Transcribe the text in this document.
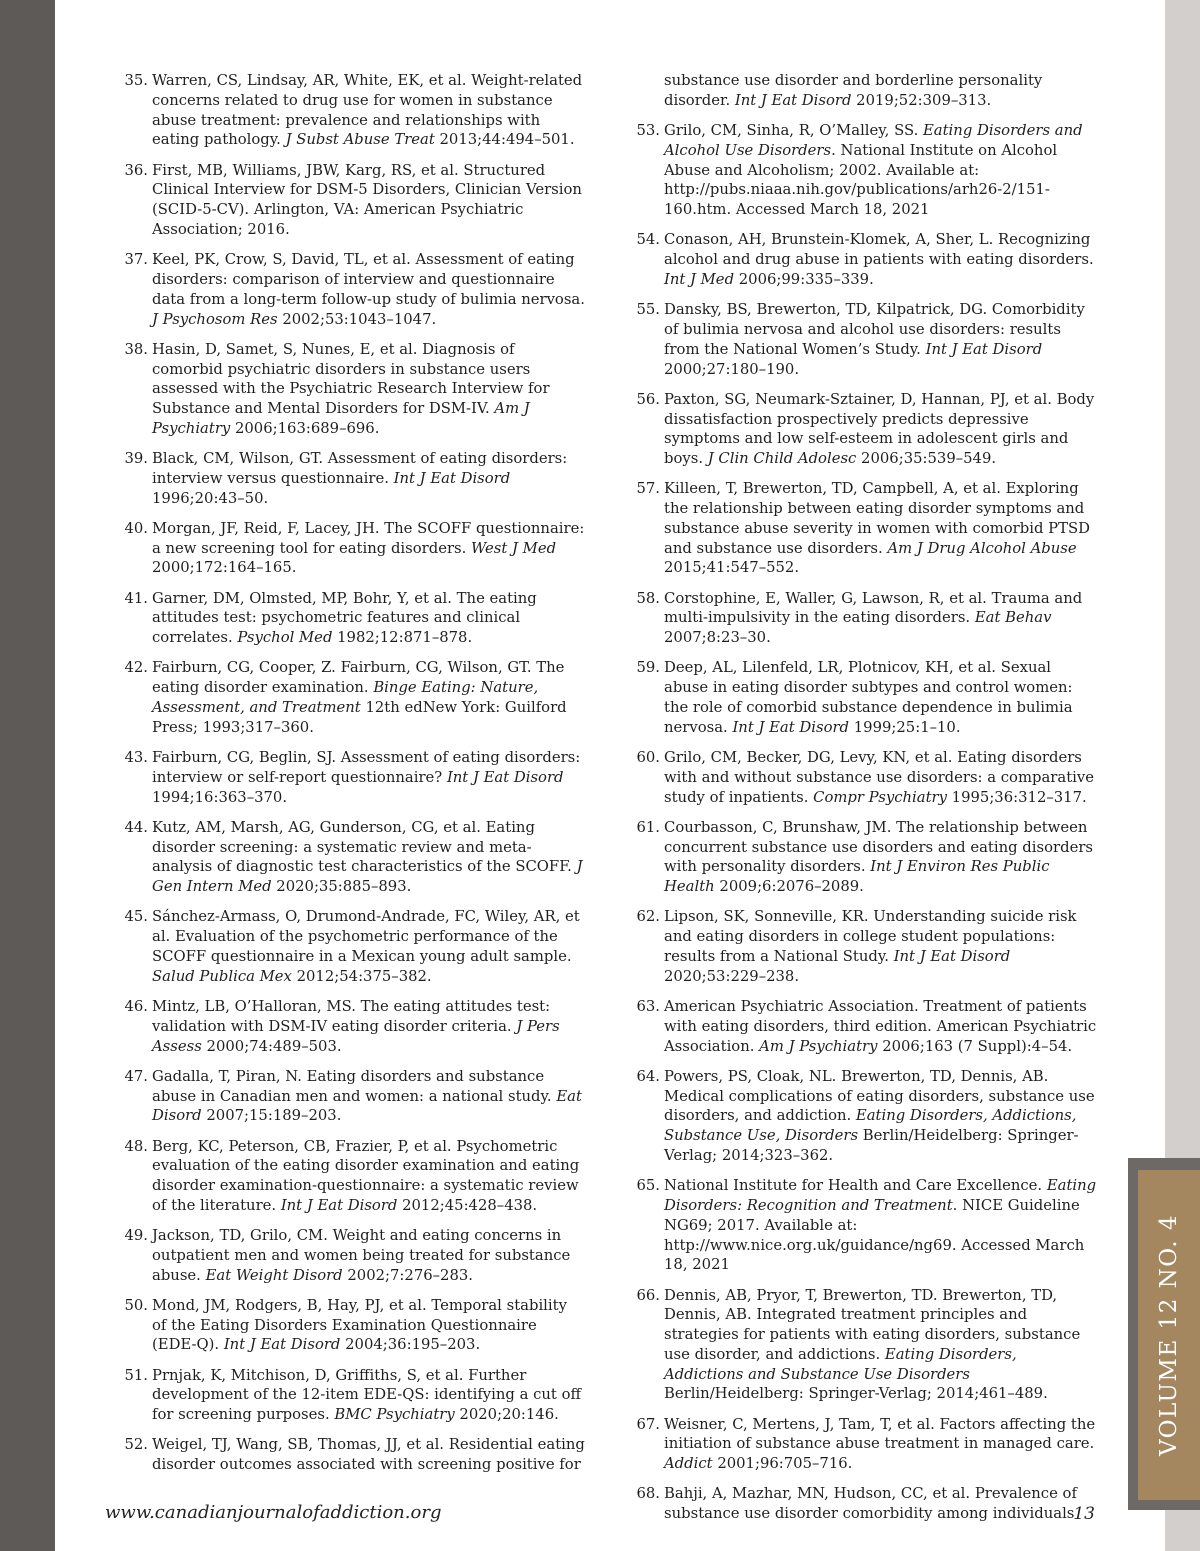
VOLUME 12 NO. 4
35. Warren, CS, Lindsay, AR, White, EK, et al. Weight-related concerns related to drug use for women in substance abuse treatment: prevalence and relationships with eating pathology. J Subst Abuse Treat 2013;44:494–501.
36. First, MB, Williams, JBW, Karg, RS, et al. Structured Clinical Interview for DSM-5 Disorders, Clinician Version (SCID-5-CV). Arlington, VA: American Psychiatric Association; 2016.
37. Keel, PK, Crow, S, David, TL, et al. Assessment of eating disorders: comparison of interview and questionnaire data from a long-term follow-up study of bulimia nervosa. J Psychosom Res 2002;53:1043–1047.
38. Hasin, D, Samet, S, Nunes, E, et al. Diagnosis of comorbid psychiatric disorders in substance users assessed with the Psychiatric Research Interview for Substance and Mental Disorders for DSM-IV. Am J Psychiatry 2006;163:689–696.
39. Black, CM, Wilson, GT. Assessment of eating disorders: interview versus questionnaire. Int J Eat Disord 1996;20:43–50.
40. Morgan, JF, Reid, F, Lacey, JH. The SCOFF questionnaire: a new screening tool for eating disorders. West J Med 2000;172:164–165.
41. Garner, DM, Olmsted, MP, Bohr, Y, et al. The eating attitudes test: psychometric features and clinical correlates. Psychol Med 1982;12:871–878.
42. Fairburn, CG, Cooper, Z. Fairburn, CG, Wilson, GT. The eating disorder examination. Binge Eating: Nature, Assessment, and Treatment 12th edNew York: Guilford Press; 1993;317–360.
43. Fairburn, CG, Beglin, SJ. Assessment of eating disorders: interview or self-report questionnaire? Int J Eat Disord 1994;16:363–370.
44. Kutz, AM, Marsh, AG, Gunderson, CG, et al. Eating disorder screening: a systematic review and meta-analysis of diagnostic test characteristics of the SCOFF. J Gen Intern Med 2020;35:885–893.
45. Sánchez-Armass, O, Drumond-Andrade, FC, Wiley, AR, et al. Evaluation of the psychometric performance of the SCOFF questionnaire in a Mexican young adult sample. Salud Publica Mex 2012;54:375–382.
46. Mintz, LB, O’Halloran, MS. The eating attitudes test: validation with DSM-IV eating disorder criteria. J Pers Assess 2000;74:489–503.
47. Gadalla, T, Piran, N. Eating disorders and substance abuse in Canadian men and women: a national study. Eat Disord 2007;15:189–203.
48. Berg, KC, Peterson, CB, Frazier, P, et al. Psychometric evaluation of the eating disorder examination and eating disorder examination-questionnaire: a systematic review of the literature. Int J Eat Disord 2012;45:428–438.
49. Jackson, TD, Grilo, CM. Weight and eating concerns in outpatient men and women being treated for substance abuse. Eat Weight Disord 2002;7:276–283.
50. Mond, JM, Rodgers, B, Hay, PJ, et al. Temporal stability of the Eating Disorders Examination Questionnaire (EDE-Q). Int J Eat Disord 2004;36:195–203.
51. Prnjak, K, Mitchison, D, Griffiths, S, et al. Further development of the 12-item EDE-QS: identifying a cut off for screening purposes. BMC Psychiatry 2020;20:146.
52. Weigel, TJ, Wang, SB, Thomas, JJ, et al. Residential eating disorder outcomes associated with screening positive for
substance use disorder and borderline personality disorder. Int J Eat Disord 2019;52:309–313.
53. Grilo, CM, Sinha, R, O’Malley, SS. Eating Disorders and Alcohol Use Disorders. National Institute on Alcohol Abuse and Alcoholism; 2002. Available at: http://pubs.niaaa.nih.gov/publications/arh26-2/151-160.htm. Accessed March 18, 2021
54. Conason, AH, Brunstein-Klomek, A, Sher, L. Recognizing alcohol and drug abuse in patients with eating disorders. Int J Med 2006;99:335–339.
55. Dansky, BS, Brewerton, TD, Kilpatrick, DG. Comorbidity of bulimia nervosa and alcohol use disorders: results from the National Women’s Study. Int J Eat Disord 2000;27:180–190.
56. Paxton, SG, Neumark-Sztainer, D, Hannan, PJ, et al. Body dissatisfaction prospectively predicts depressive symptoms and low self-esteem in adolescent girls and boys. J Clin Child Adolesc 2006;35:539–549.
57. Killeen, T, Brewerton, TD, Campbell, A, et al. Exploring the relationship between eating disorder symptoms and substance abuse severity in women with comorbid PTSD and substance use disorders. Am J Drug Alcohol Abuse 2015;41:547–552.
58. Corstophine, E, Waller, G, Lawson, R, et al. Trauma and multi-impulsivity in the eating disorders. Eat Behav 2007;8:23–30.
59. Deep, AL, Lilenfeld, LR, Plotnicov, KH, et al. Sexual abuse in eating disorder subtypes and control women: the role of comorbid substance dependence in bulimia nervosa. Int J Eat Disord 1999;25:1–10.
60. Grilo, CM, Becker, DG, Levy, KN, et al. Eating disorders with and without substance use disorders: a comparative study of inpatients. Compr Psychiatry 1995;36:312–317.
61. Courbasson, C, Brunshaw, JM. The relationship between concurrent substance use disorders and eating disorders with personality disorders. Int J Environ Res Public Health 2009;6:2076–2089.
62. Lipson, SK, Sonneville, KR. Understanding suicide risk and eating disorders in college student populations: results from a National Study. Int J Eat Disord 2020;53:229–238.
63. American Psychiatric Association. Treatment of patients with eating disorders, third edition. American Psychiatric Association. Am J Psychiatry 2006;163 (7 Suppl):4–54.
64. Powers, PS, Cloak, NL. Brewerton, TD, Dennis, AB. Medical complications of eating disorders, substance use disorders, and addiction. Eating Disorders, Addictions, Substance Use, Disorders Berlin/Heidelberg: Springer-Verlag; 2014;323–362.
65. National Institute for Health and Care Excellence. Eating Disorders: Recognition and Treatment. NICE Guideline NG69; 2017. Available at: http://www.nice.org.uk/guidance/ng69. Accessed March 18, 2021
66. Dennis, AB, Pryor, T, Brewerton, TD. Brewerton, TD, Dennis, AB. Integrated treatment principles and strategies for patients with eating disorders, substance use disorder, and addictions. Eating Disorders, Addictions and Substance Use Disorders Berlin/Heidelberg: Springer-Verlag; 2014;461–489.
67. Weisner, C, Mertens, J, Tam, T, et al. Factors affecting the initiation of substance abuse treatment in managed care. Addict 2001;96:705–716.
68. Bahji, A, Mazhar, MN, Hudson, CC, et al. Prevalence of substance use disorder comorbidity among individuals
www.canadianjournalofaddiction.org	13
